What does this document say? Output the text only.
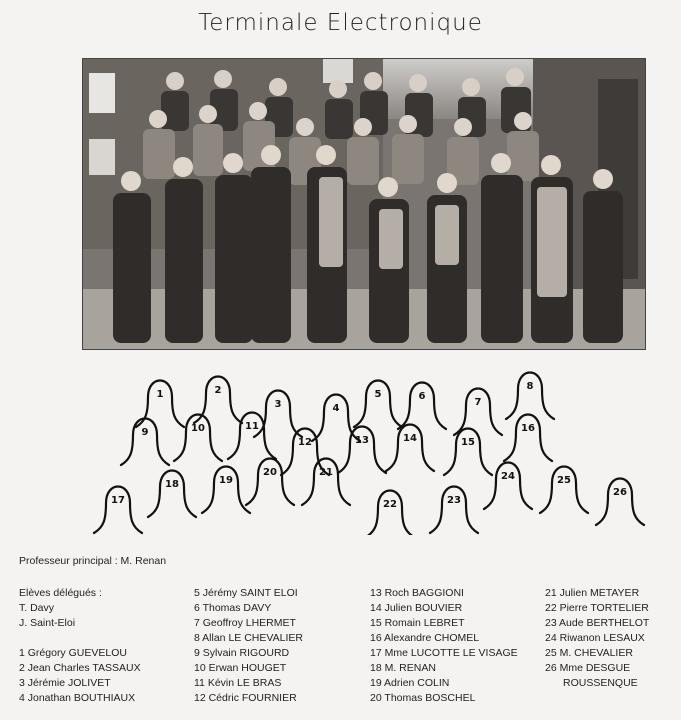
Terminale Electronique
1	2
3	4
5	6
7
8
9	10	11
12	13	14	15
16
17
18	19
20	21
22	23
24	25
26
Professeur principal : M. Renan
Elèves délégués :
T. Davy
J. Saint-Eloi
1 Grégory GUEVELOU
2 Jean Charles TASSAUX
3 Jérémie JOLIVET
4 Jonathan BOUTHIAUX
5 Jérémy SAINT ELOI
6 Thomas DAVY
7 Geoffroy LHERMET
8 Allan LE CHEVALIER
9 Sylvain RIGOURD
10 Erwan HOUGET
11 Kévin LE BRAS
12 Cédric FOURNIER
13 Roch BAGGIONI
14 Julien BOUVIER
15 Romain LEBRET
16 Alexandre CHOMEL
17 Mme LUCOTTE LE VISAGE
18 M. RENAN
19 Adrien COLIN
20 Thomas BOSCHEL
21 Julien METAYER
22 Pierre TORTELIER
23 Aude BERTHELOT
24 Riwanon LESAUX
25 M. CHEVALIER
26 Mme DESGUE
ROUSSENQUE
